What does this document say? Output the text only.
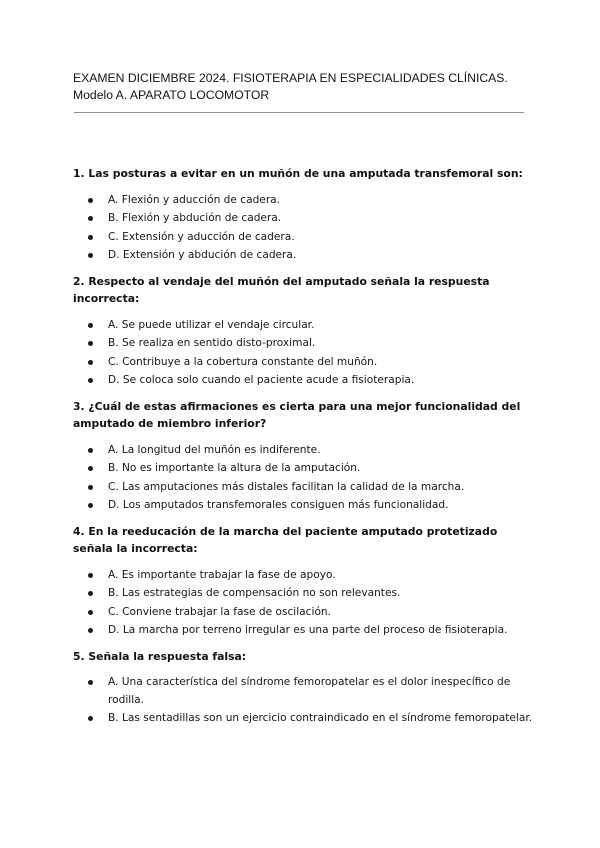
EXAMEN DICIEMBRE 2024. FISIOTERAPIA EN ESPECIALIDADES CLÍNICAS.
Modelo A. APARATO LOCOMOTOR

1. Las posturas a evitar en un muñón de una amputada transfemoral son:

A. Flexión y aducción de cadera.
B. Flexión y abdución de cadera.
C. Extensión y aducción de cadera.
D. Extensión y abdución de cadera.

2. Respecto al vendaje del muñón del amputado señala la respuesta incorrecta:

A. Se puede utilizar el vendaje circular.
B. Se realiza en sentido disto-proximal.
C. Contribuye a la cobertura constante del muñón.
D. Se coloca solo cuando el paciente acude a fisioterapia.

3. ¿Cuál de estas afirmaciones es cierta para una mejor funcionalidad del amputado de miembro inferior?

A. La longitud del muñón es indiferente.
B. No es importante la altura de la amputación.
C. Las amputaciones más distales facilitan la calidad de la marcha.
D. Los amputados transfemorales consiguen más funcionalidad.

4. En la reeducación de la marcha del paciente amputado protetizado señala la incorrecta:

A. Es importante trabajar la fase de apoyo.
B. Las estrategias de compensación no son relevantes.
C. Conviene trabajar la fase de oscilación.
D. La marcha por terreno irregular es una parte del proceso de fisioterapia.

5. Señala la respuesta falsa:

A. Una característica del síndrome femoropatelar es el dolor inespecífico de rodilla.
B. Las sentadillas son un ejercicio contraindicado en el síndrome femoropatelar.
